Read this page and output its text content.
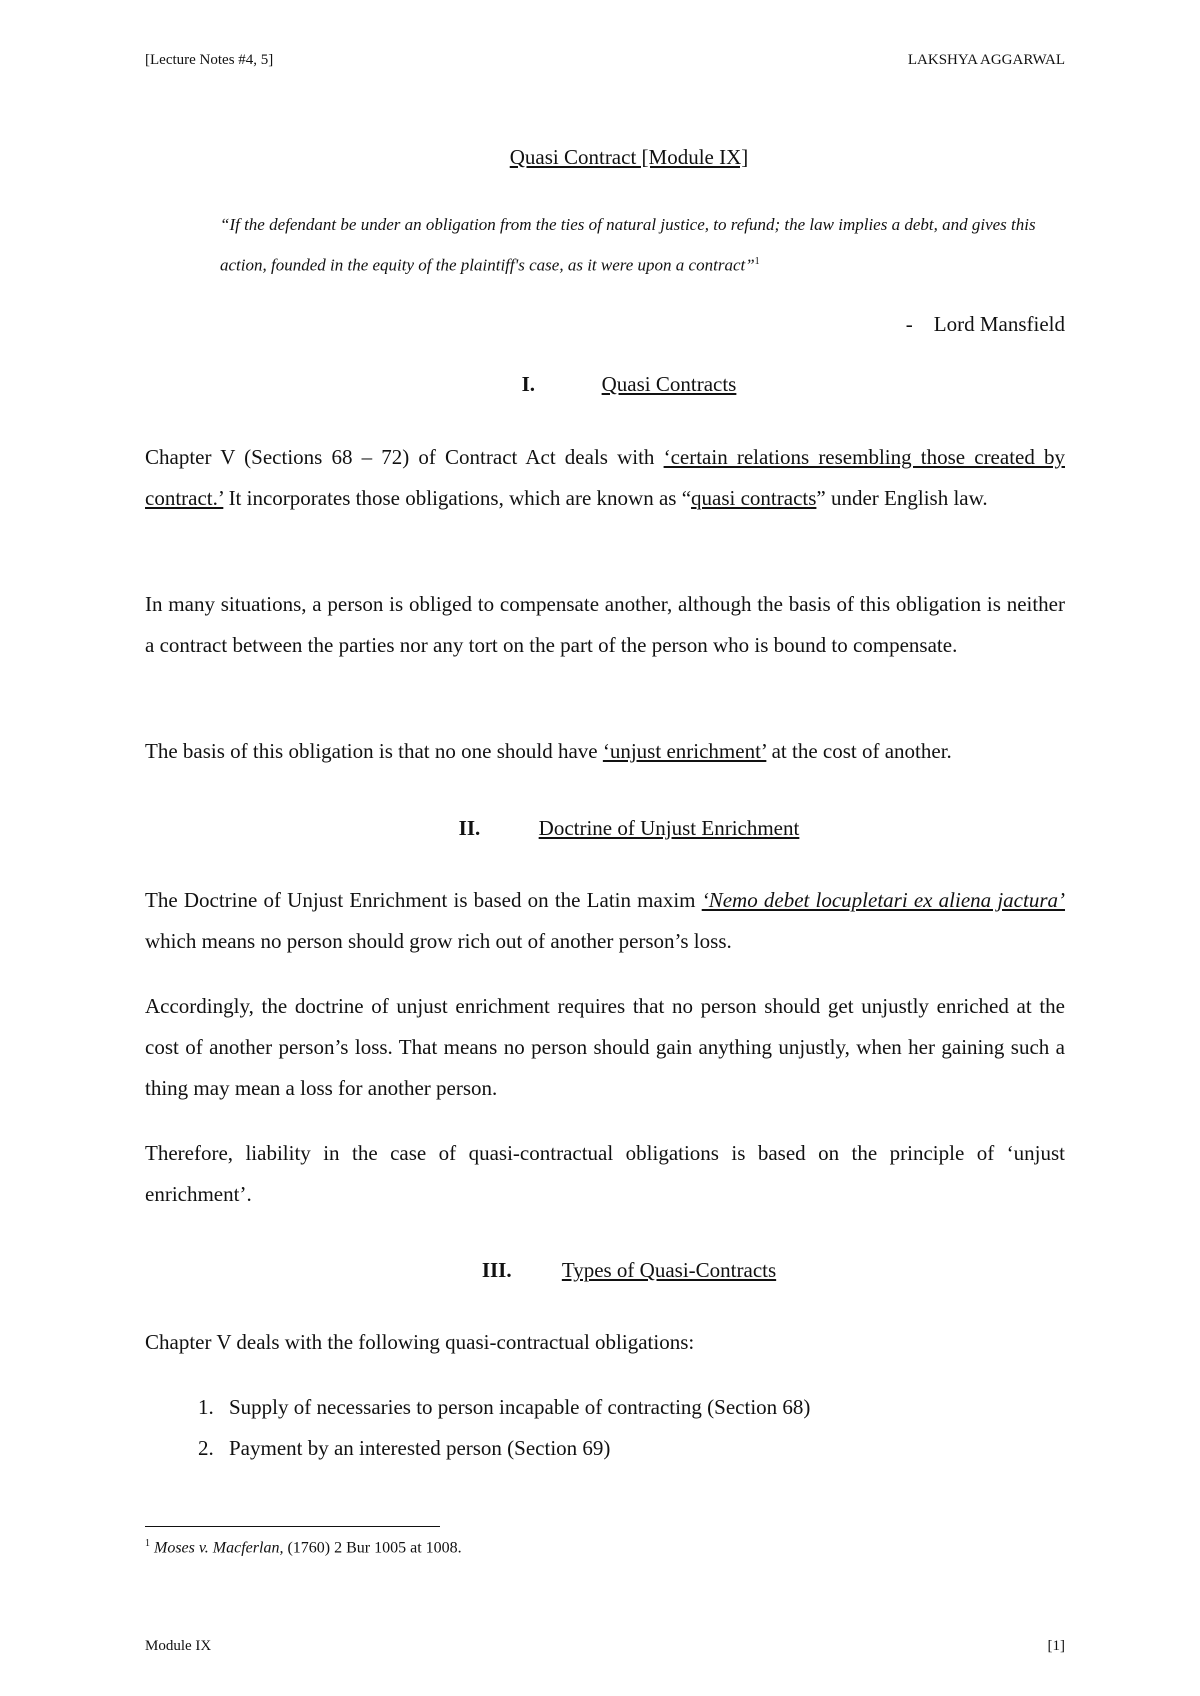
[Lecture Notes #4, 5]	LAKSHYA AGGARWAL
Quasi Contract [Module IX]
“If the defendant be under an obligation from the ties of natural justice, to refund; the law implies a debt, and gives this action, founded in the equity of the plaintiff's case, as it were upon a contract”$^1$
-    Lord Mansfield
I.	Quasi Contracts
Chapter V (Sections 68 – 72) of Contract Act deals with ‘certain relations resembling those created by contract.’ It incorporates those obligations, which are known as “quasi contracts” under English law.
In many situations, a person is obliged to compensate another, although the basis of this obligation is neither a contract between the parties nor any tort on the part of the person who is bound to compensate.
The basis of this obligation is that no one should have ‘unjust enrichment’ at the cost of another.
II.	Doctrine of Unjust Enrichment
The Doctrine of Unjust Enrichment is based on the Latin maxim ‘Nemo debet locupletari ex aliena jactura’ which means no person should grow rich out of another person’s loss.
Accordingly, the doctrine of unjust enrichment requires that no person should get unjustly enriched at the cost of another person’s loss. That means no person should gain anything unjustly, when her gaining such a thing may mean a loss for another person.
Therefore, liability in the case of quasi-contractual obligations is based on the principle of ‘unjust enrichment’.
III. Types of Quasi-Contracts
Chapter V deals with the following quasi-contractual obligations:
1. Supply of necessaries to person incapable of contracting (Section 68)
2. Payment by an interested person (Section 69)
$^1$ Moses v. Macferlan, (1760) 2 Bur 1005 at 1008.
Module IX	[1]
